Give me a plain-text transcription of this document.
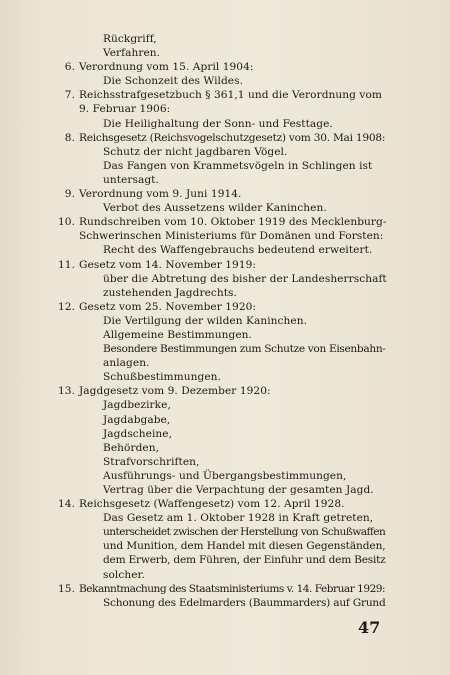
Rückgriff,
Verfahren.
6. Verordnung vom 15. April 1904:
Die Schonzeit des Wildes.
7. Reichsstrafgesetzbuch § 361,1 und die Verordnung vom
9. Februar 1906:
Die Heilighaltung der Sonn- und Festtage.
8. Reichsgesetz (Reichsvogelschutzgesetz) vom 30. Mai 1908:
Schutz der nicht jagdbaren Vögel.
Das Fangen von Krammetsvögeln in Schlingen ist
untersagt.
9. Verordnung vom 9. Juni 1914.
Verbot des Aussetzens wilder Kaninchen.
10. Rundschreiben vom 10. Oktober 1919 des Mecklenburg-
Schwerinschen Ministeriums für Domänen und Forsten:
Recht des Waffengebrauchs bedeutend erweitert.
11. Gesetz vom 14. November 1919:
über die Abtretung des bisher der Landesherrschaft
zustehenden Jagdrechts.
12. Gesetz vom 25. November 1920:
Die Vertilgung der wilden Kaninchen.
Allgemeine Bestimmungen.
Besondere Bestimmungen zum Schutze von Eisenbahn-
anlagen.
Schußbestimmungen.
13. Jagdgesetz vom 9. Dezember 1920:
Jagdbezirke,
Jagdabgabe,
Jagdscheine,
Behörden,
Strafvorschriften,
Ausführungs- und Übergangsbestimmungen,
Vertrag über die Verpachtung der gesamten Jagd.
14. Reichsgesetz (Waffengesetz) vom 12. April 1928.
Das Gesetz am 1. Oktober 1928 in Kraft getreten,
unterscheidet zwischen der Herstellung von Schußwaffen
und Munition, dem Handel mit diesen Gegenständen,
dem Erwerb, dem Führen, der Einfuhr und dem Besitz
solcher.
15. Bekanntmachung des Staatsministeriums v. 14. Februar 1929:
Schonung des Edelmarders (Baummarders) auf Grund
47
